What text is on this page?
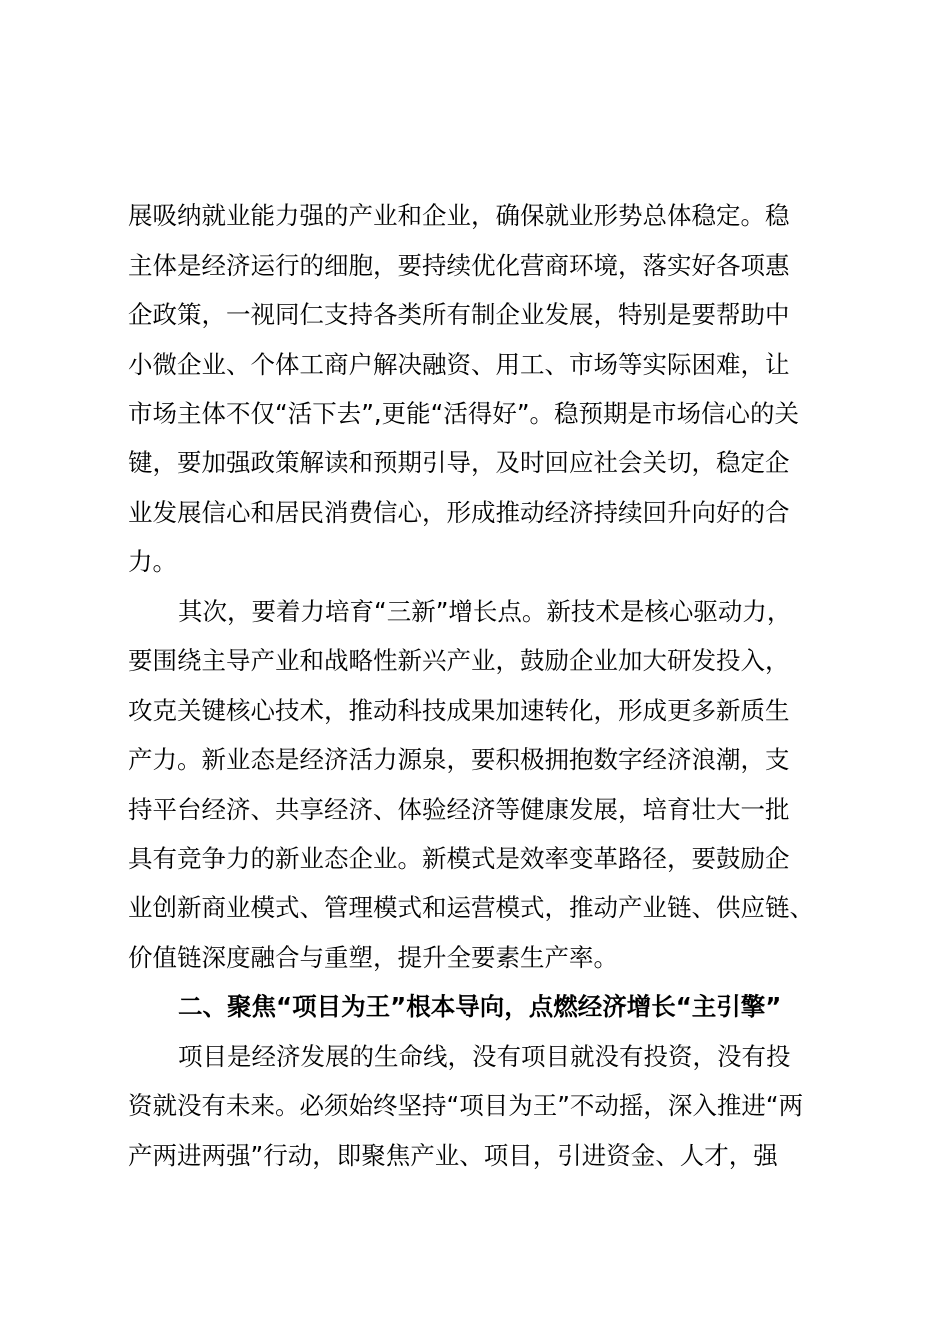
展吸纳就业能力强的产业和企业，确保就业形势总体稳定。稳
主体是经济运行的细胞，要持续优化营商环境，落实好各项惠
企政策，一视同仁支持各类所有制企业发展，特别是要帮助中
小微企业、个体工商户解决融资、用工、市场等实际困难，让
市场主体不仅“活下去”,更能“活得好”。稳预期是市场信心的关
键，要加强政策解读和预期引导，及时回应社会关切，稳定企
业发展信心和居民消费信心，形成推动经济持续回升向好的合
力。
其次，要着力培育“三新”增长点。新技术是核心驱动力，
要围绕主导产业和战略性新兴产业，鼓励企业加大研发投入，
攻克关键核心技术，推动科技成果加速转化，形成更多新质生
产力。新业态是经济活力源泉，要积极拥抱数字经济浪潮，支
持平台经济、共享经济、体验经济等健康发展，培育壮大一批
具有竞争力的新业态企业。新模式是效率变革路径，要鼓励企
业创新商业模式、管理模式和运营模式，推动产业链、供应链、
价值链深度融合与重塑，提升全要素生产率。
二、聚焦“项目为王”根本导向，点燃经济增长“主引擎”
项目是经济发展的生命线，没有项目就没有投资，没有投
资就没有未来。必须始终坚持“项目为王”不动摇，深入推进“两
产两进两强”行动，即聚焦产业、项目，引进资金、人才，强
